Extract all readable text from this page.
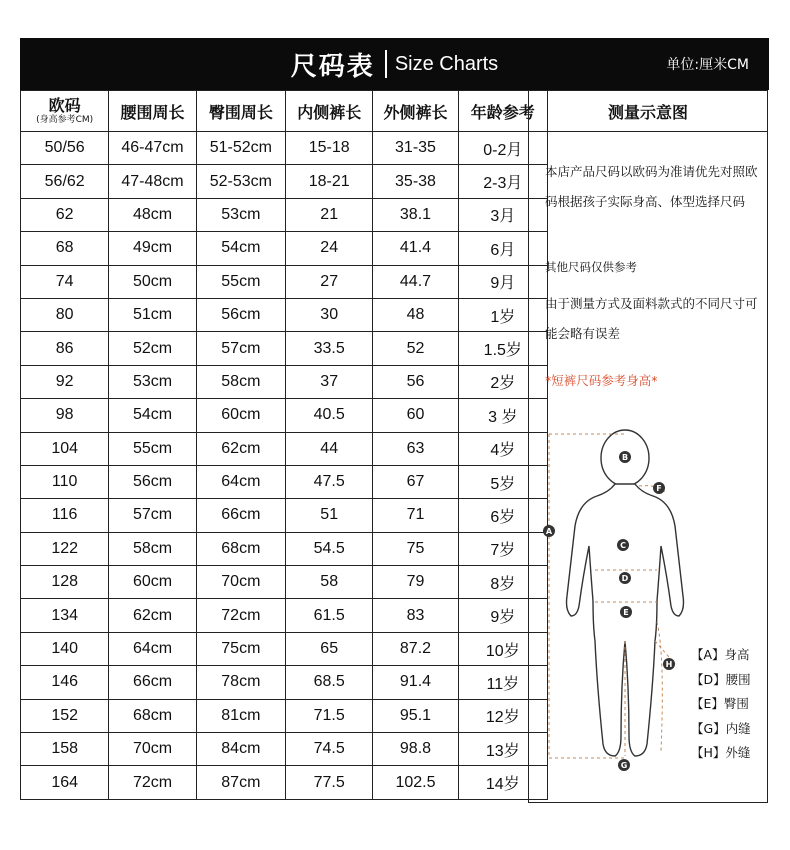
尺码表 Size Charts	单位:厘米CM
欧码
(身高参考CM)	腰围周长	臀围周长	内侧裤长	外侧裤长	年龄参考
50/56	46-47cm	51-52cm	15-18	31-35	0-2月
56/62	47-48cm	52-53cm	18-21	35-38	2-3月
62	48cm	53cm	21	38.1	3月
68	49cm	54cm	24	41.4	6月
74	50cm	55cm	27	44.7	9月
80	51cm	56cm	30	48	1岁
86	52cm	57cm	33.5	52	1.5岁
92	53cm	58cm	37	56	2岁
98	54cm	60cm	40.5	60	3 岁
104	55cm	62cm	44	63	4岁
110	56cm	64cm	47.5	67	5岁
116	57cm	66cm	51	71	6岁
122	58cm	68cm	54.5	75	7岁
128	60cm	70cm	58	79	8岁
134	62cm	72cm	61.5	83	9岁
140	64cm	75cm	65	87.2	10岁
146	66cm	78cm	68.5	91.4	11岁
152	68cm	81cm	71.5	95.1	12岁
158	70cm	84cm	74.5	98.8	13岁
164	72cm	87cm	77.5	102.5	14岁
测量示意图
本店产品尺码以欧码为准请优先对照欧码根据孩子实际身高、体型选择尺码
其他尺码仅供参考
由于测量方式及面料款式的不同尺寸可能会略有误差
*短裤尺码参考身高*
B
F
A
C
D
E
H
G
【A】身高
【D】腰围
【E】臀围
【G】内缝
【H】外缝
